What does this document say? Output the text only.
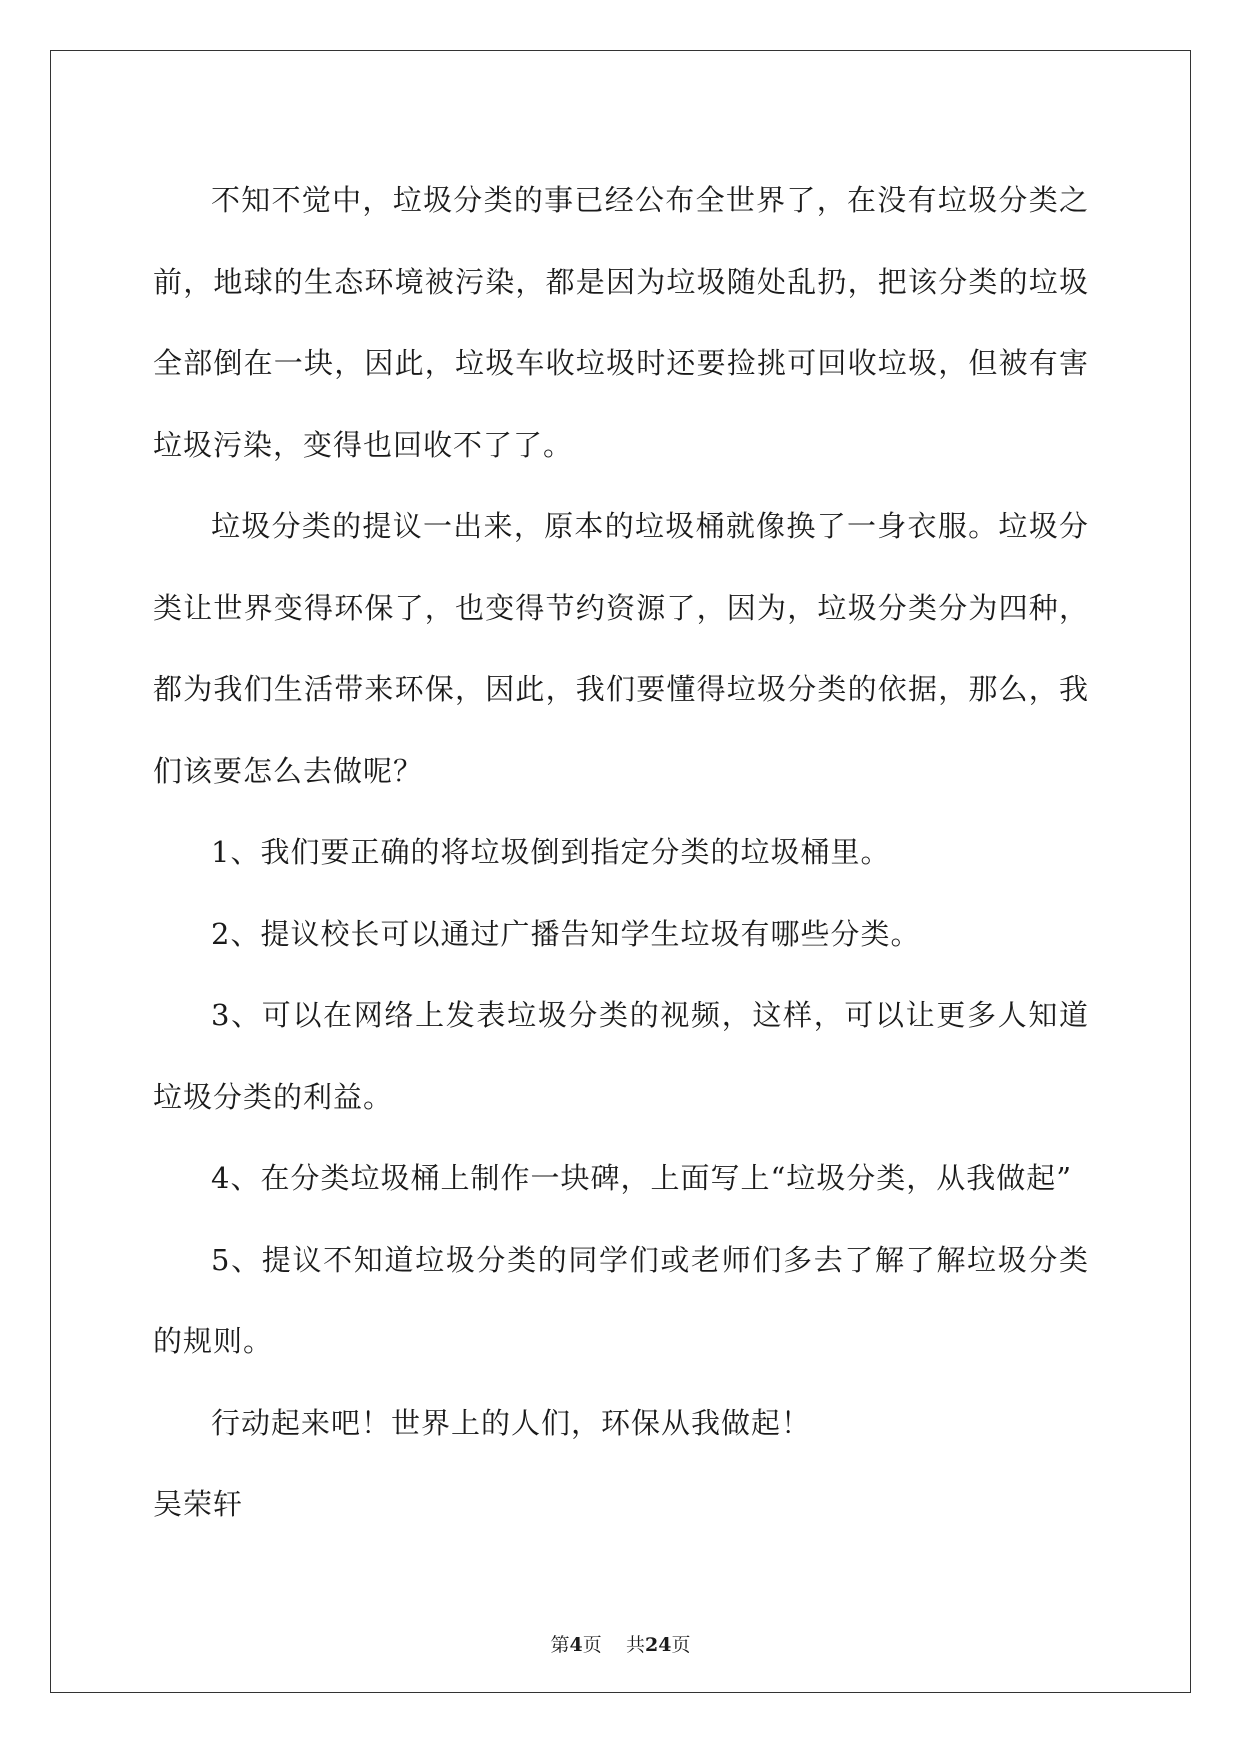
不知不觉中，垃圾分类的事已经公布全世界了，在没有垃圾分类之前，地球的生态环境被污染，都是因为垃圾随处乱扔，把该分类的垃圾全部倒在一块，因此，垃圾车收垃圾时还要捡挑可回收垃圾，但被有害垃圾污染，变得也回收不了了。

垃圾分类的提议一出来，原本的垃圾桶就像换了一身衣服。垃圾分类让世界变得环保了，也变得节约资源了，因为，垃圾分类分为四种，都为我们生活带来环保，因此，我们要懂得垃圾分类的依据，那么，我们该要怎么去做呢？

1、我们要正确的将垃圾倒到指定分类的垃圾桶里。

2、提议校长可以通过广播告知学生垃圾有哪些分类。

3、可以在网络上发表垃圾分类的视频，这样，可以让更多人知道垃圾分类的利益。

4、在分类垃圾桶上制作一块碑，上面写上“垃圾分类，从我做起”

5、提议不知道垃圾分类的同学们或老师们多去了解了解垃圾分类的规则。

行动起来吧！世界上的人们，环保从我做起！

吴荣轩

第4页 共24页
